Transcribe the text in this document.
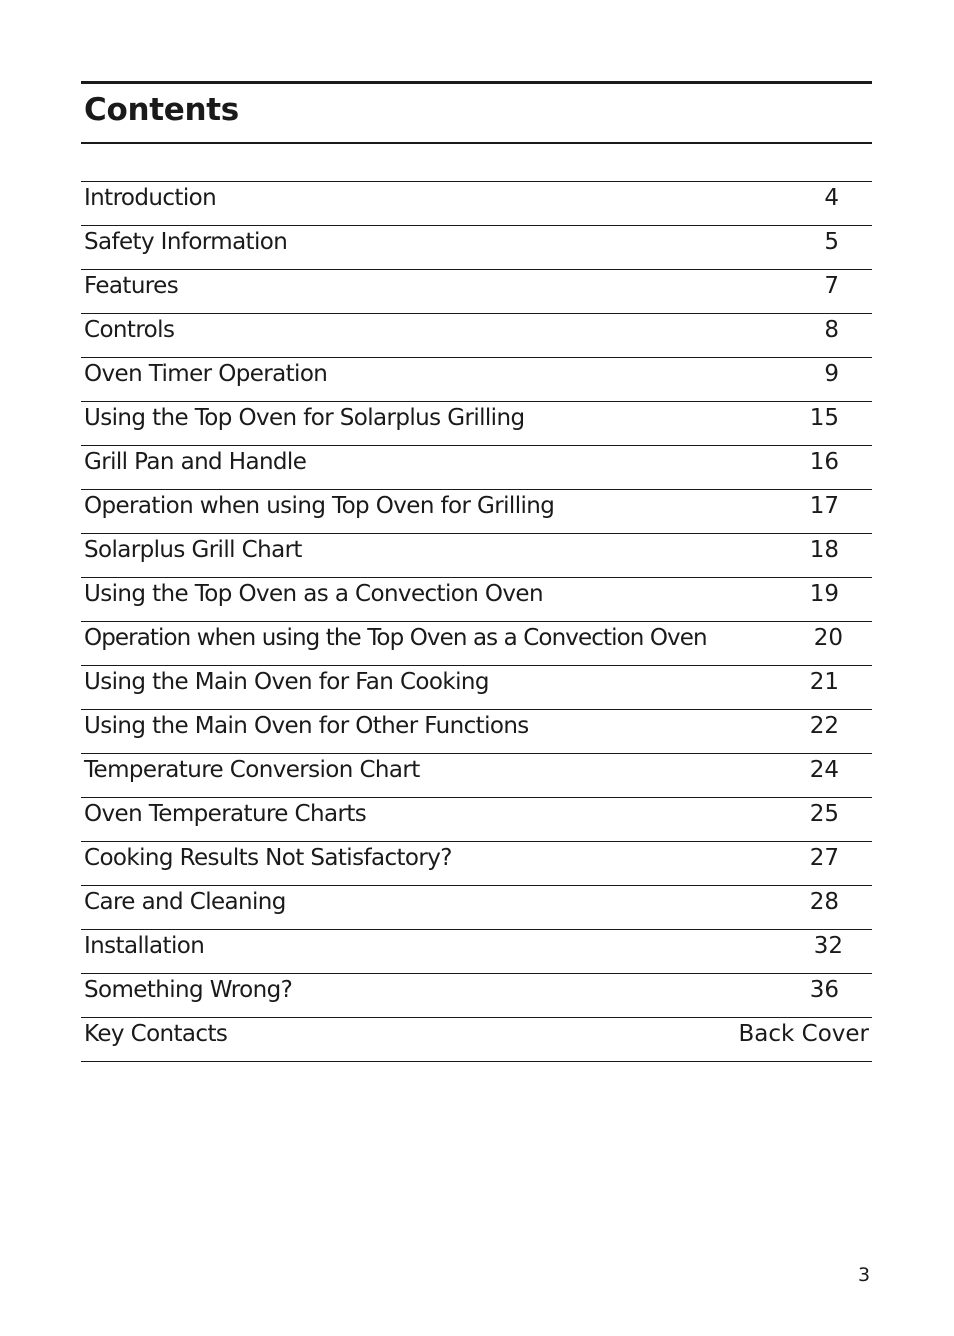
Contents
Introduction	4
Safety Information	5
Features	7
Controls	8
Oven Timer Operation	9
Using the Top Oven for Solarplus Grilling	15
Grill Pan and Handle	16
Operation when using Top Oven for Grilling	17
Solarplus Grill Chart	18
Using the Top Oven as a Convection Oven	19
Operation when using the Top Oven as a Convection Oven	20
Using the Main Oven for Fan Cooking	21
Using the Main Oven for Other Functions	22
Temperature Conversion Chart	24
Oven Temperature Charts	25
Cooking Results Not Satisfactory?	27
Care and Cleaning	28
Installation	32
Something Wrong?	36
Key Contacts	Back Cover
3
